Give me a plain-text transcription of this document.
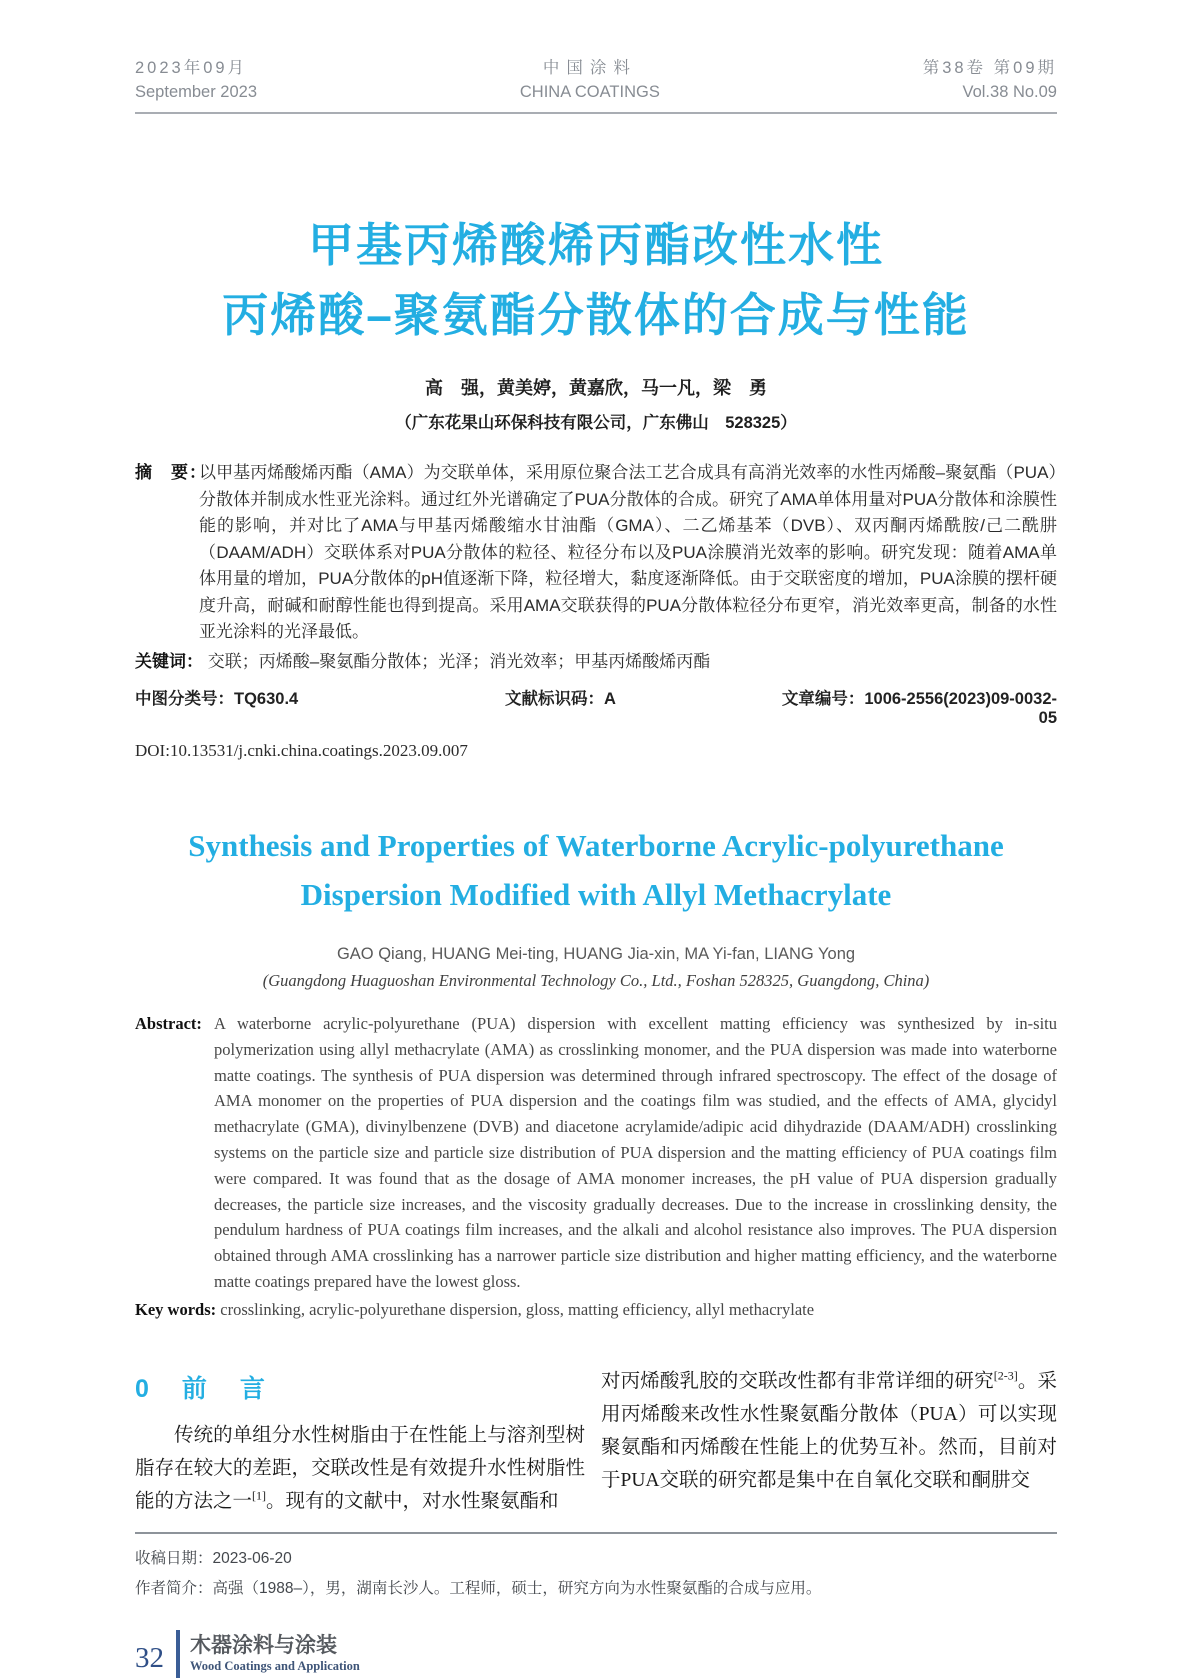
2023年09月
September 2023
中国涂料
CHINA COATINGS
第38卷 第09期
Vol.38 No.09
甲基丙烯酸烯丙酯改性水性
丙烯酸–聚氨酯分散体的合成与性能
高　强，黄美婷，黄嘉欣，马一凡，梁　勇
（广东花果山环保科技有限公司，广东佛山　528325）
摘　要：
以甲基丙烯酸烯丙酯（AMA）为交联单体，采用原位聚合法工艺合成具有高消光效率的水性丙烯酸–聚氨酯（PUA）分散体并制成水性亚光涂料。通过红外光谱确定了PUA分散体的合成。研究了AMA单体用量对PUA分散体和涂膜性能的影响，并对比了AMA与甲基丙烯酸缩水甘油酯（GMA）、二乙烯基苯（DVB）、双丙酮丙烯酰胺/己二酰肼（DAAM/ADH）交联体系对PUA分散体的粒径、粒径分布以及PUA涂膜消光效率的影响。研究发现：随着AMA单体用量的增加，PUA分散体的pH值逐渐下降，粒径增大，黏度逐渐降低。由于交联密度的增加，PUA涂膜的摆杆硬度升高，耐碱和耐醇性能也得到提高。采用AMA交联获得的PUA分散体粒径分布更窄，消光效率更高，制备的水性亚光涂料的光泽最低。
关键词： 交联；丙烯酸–聚氨酯分散体；光泽；消光效率；甲基丙烯酸烯丙酯
中图分类号：TQ630.4	文献标识码：A	文章编号：1006-2556(2023)09-0032-05
DOI:10.13531/j.cnki.china.coatings.2023.09.007
Synthesis and Properties of Waterborne Acrylic-polyurethane
Dispersion Modified with Allyl Methacrylate
GAO Qiang, HUANG Mei-ting, HUANG Jia-xin, MA Yi-fan, LIANG Yong
(Guangdong Huaguoshan Environmental Technology Co., Ltd., Foshan 528325, Guangdong, China)
Abstract: A waterborne acrylic-polyurethane (PUA) dispersion with excellent matting efficiency was synthesized by in-situ polymerization using allyl methacrylate (AMA) as crosslinking monomer, and the PUA dispersion was made into waterborne matte coatings. The synthesis of PUA dispersion was determined through infrared spectroscopy. The effect of the dosage of AMA monomer on the properties of PUA dispersion and the coatings film was studied, and the effects of AMA, glycidyl methacrylate (GMA), divinylbenzene (DVB) and diacetone acrylamide/adipic acid dihydrazide (DAAM/ADH) crosslinking systems on the particle size and particle size distribution of PUA dispersion and the matting efficiency of PUA coatings film were compared. It was found that as the dosage of AMA monomer increases, the pH value of PUA dispersion gradually decreases, the particle size increases, and the viscosity gradually decreases. Due to the increase in crosslinking density, the pendulum hardness of PUA coatings film increases, and the alkali and alcohol resistance also improves. The PUA dispersion obtained through AMA crosslinking has a narrower particle size distribution and higher matting efficiency, and the waterborne matte coatings prepared have the lowest gloss.
Key words: crosslinking, acrylic-polyurethane dispersion, gloss, matting efficiency, allyl methacrylate
0　前　言

传统的单组分水性树脂由于在性能上与溶剂型树脂存在较大的差距，交联改性是有效提升水性树脂性能的方法之一[1]。现有的文献中，对水性聚氨酯和

对丙烯酸乳胶的交联改性都有非常详细的研究[2-3]。采用丙烯酸来改性水性聚氨酯分散体（PUA）可以实现聚氨酯和丙烯酸在性能上的优势互补。然而，目前对于PUA交联的研究都是集中在自氧化交联和酮肼交

收稿日期：2023-06-20
作者简介：高强（1988–），男，湖南长沙人。工程师，硕士，研究方向为水性聚氨酯的合成与应用。
32 木器涂料与涂装
Wood Coatings and Application
